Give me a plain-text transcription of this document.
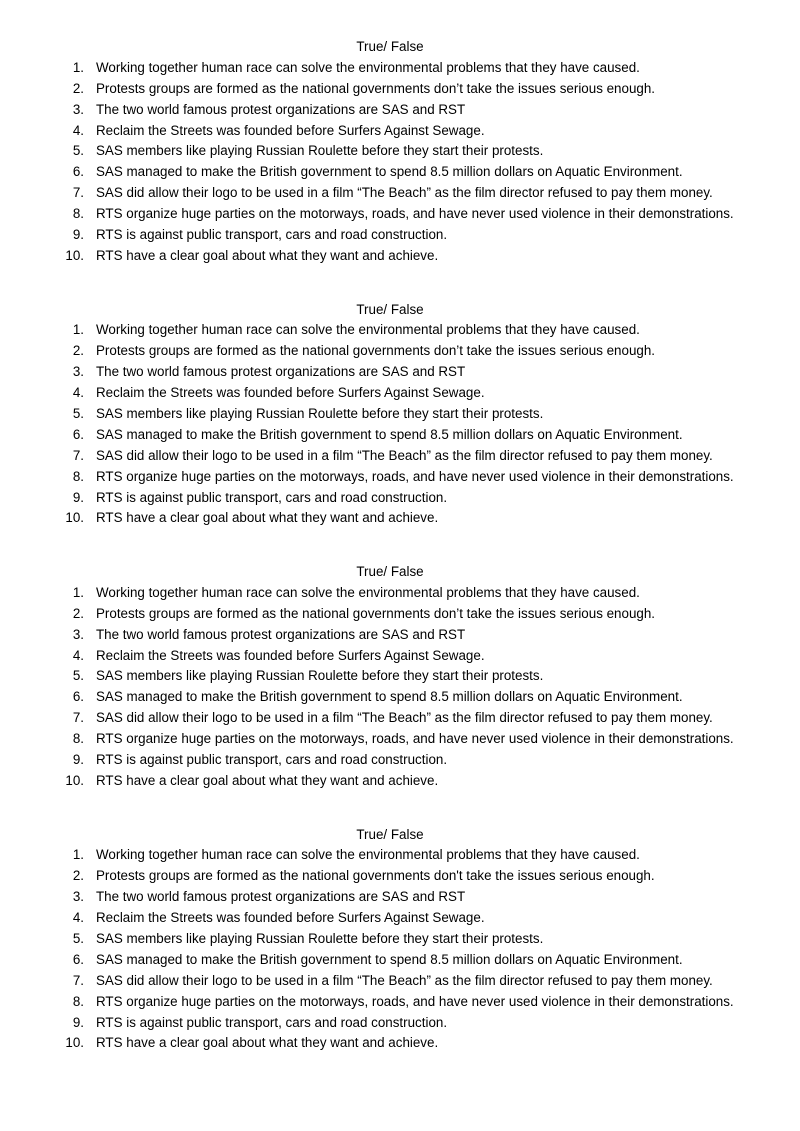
True/ False
1. Working together human race can solve the environmental problems that they have caused.
2. Protests groups are formed as the national governments don’t take the issues serious enough.
3. The two world famous protest organizations are SAS and RST
4. Reclaim the Streets was founded before Surfers Against Sewage.
5. SAS members like playing Russian Roulette before they start their protests.
6. SAS managed to make the British government to spend 8.5 million dollars on Aquatic Environment.
7. SAS did allow their logo to be used in a film “The Beach” as the film director refused to pay them money.
8. RTS organize huge parties on the motorways, roads, and have never used violence in their demonstrations.
9. RTS is against public transport, cars and road construction.
10. RTS have a clear goal about what they want and achieve.
True/ False
1. Working together human race can solve the environmental problems that they have caused.
2. Protests groups are formed as the national governments don’t take the issues serious enough.
3. The two world famous protest organizations are SAS and RST
4. Reclaim the Streets was founded before Surfers Against Sewage.
5. SAS members like playing Russian Roulette before they start their protests.
6. SAS managed to make the British government to spend 8.5 million dollars on Aquatic Environment.
7. SAS did allow their logo to be used in a film “The Beach” as the film director refused to pay them money.
8. RTS organize huge parties on the motorways, roads, and have never used violence in their demonstrations.
9. RTS is against public transport, cars and road construction.
10. RTS have a clear goal about what they want and achieve.
True/ False
1. Working together human race can solve the environmental problems that they have caused.
2. Protests groups are formed as the national governments don’t take the issues serious enough.
3. The two world famous protest organizations are SAS and RST
4. Reclaim the Streets was founded before Surfers Against Sewage.
5. SAS members like playing Russian Roulette before they start their protests.
6. SAS managed to make the British government to spend 8.5 million dollars on Aquatic Environment.
7. SAS did allow their logo to be used in a film “The Beach” as the film director refused to pay them money.
8. RTS organize huge parties on the motorways, roads, and have never used violence in their demonstrations.
9. RTS is against public transport, cars and road construction.
10. RTS have a clear goal about what they want and achieve.
True/ False
1. Working together human race can solve the environmental problems that they have caused.
2. Protests groups are formed as the national governments don't take the issues serious enough.
3. The two world famous protest organizations are SAS and RST
4. Reclaim the Streets was founded before Surfers Against Sewage.
5. SAS members like playing Russian Roulette before they start their protests.
6. SAS managed to make the British government to spend 8.5 million dollars on Aquatic Environment.
7. SAS did allow their logo to be used in a film “The Beach” as the film director refused to pay them money.
8. RTS organize huge parties on the motorways, roads, and have never used violence in their demonstrations.
9. RTS is against public transport, cars and road construction.
10. RTS have a clear goal about what they want and achieve.
